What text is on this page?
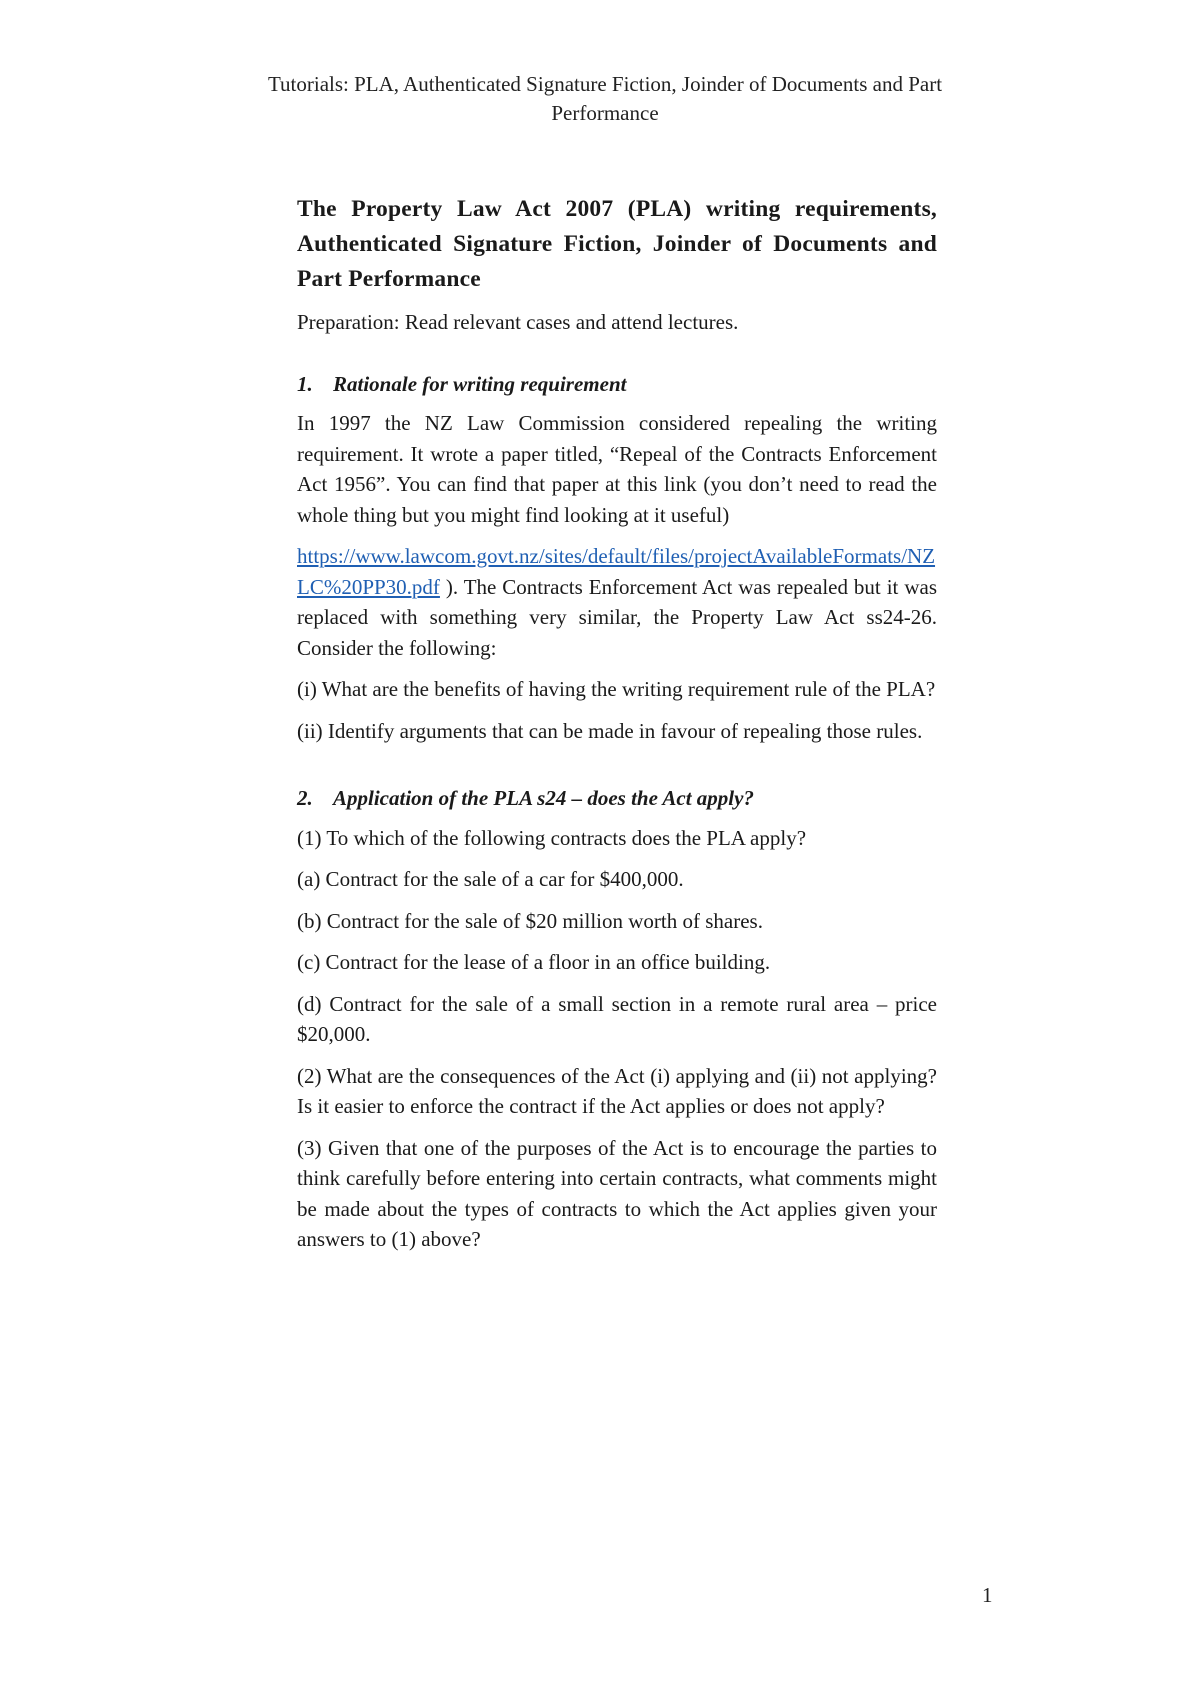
Tutorials: PLA, Authenticated Signature Fiction, Joinder of Documents and Part
Performance
The Property Law Act 2007 (PLA) writing requirements, Authenticated Signature Fiction, Joinder of Documents and Part Performance
Preparation: Read relevant cases and attend lectures.
1. Rationale for writing requirement
In 1997 the NZ Law Commission considered repealing the writing requirement. It wrote a paper titled, “Repeal of the Contracts Enforcement Act 1956”. You can find that paper at this link (you don’t need to read the whole thing but you might find looking at it useful)
https://www.lawcom.govt.nz/sites/default/files/projectAvailableFormats/NZLC%20PP30.pdf ). The Contracts Enforcement Act was repealed but it was replaced with something very similar, the Property Law Act ss24-26. Consider the following:
(i) What are the benefits of having the writing requirement rule of the PLA?
(ii) Identify arguments that can be made in favour of repealing those rules.
2. Application of the PLA s24 – does the Act apply?
(1) To which of the following contracts does the PLA apply?
(a) Contract for the sale of a car for $400,000.
(b) Contract for the sale of $20 million worth of shares.
(c) Contract for the lease of a floor in an office building.
(d) Contract for the sale of a small section in a remote rural area – price $20,000.
(2) What are the consequences of the Act (i) applying and (ii) not applying? Is it easier to enforce the contract if the Act applies or does not apply?
(3) Given that one of the purposes of the Act is to encourage the parties to think carefully before entering into certain contracts, what comments might be made about the types of contracts to which the Act applies given your answers to (1) above?
1
